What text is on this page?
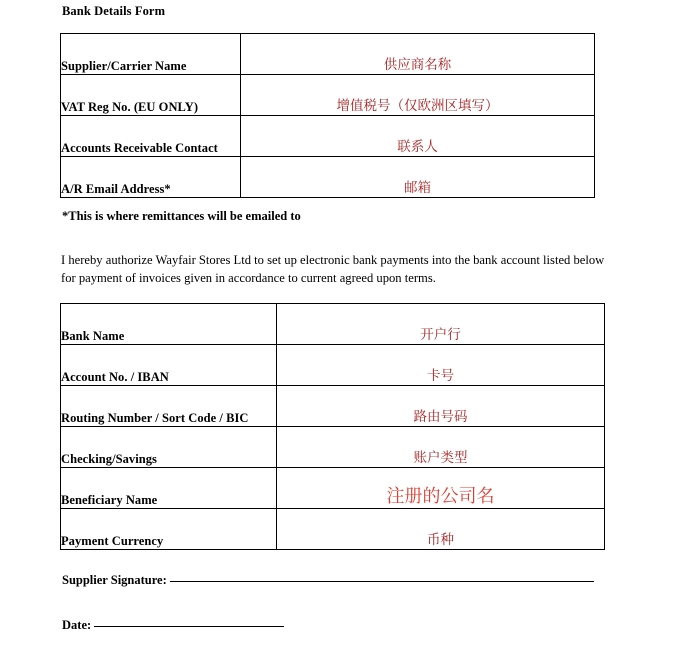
Bank Details Form
Supplier/Carrier Name	供应商名称
VAT Reg No. (EU ONLY)	增值税号（仅欧洲区填写）
Accounts Receivable Contact	联系人
A/R Email Address*	邮箱
*This is where remittances will be emailed to
I hereby authorize Wayfair Stores Ltd to set up electronic bank payments into the bank account listed below for payment of invoices given in accordance to current agreed upon terms.
Bank Name	开户行
Account No. / IBAN	卡号
Routing Number / Sort Code / BIC	路由号码
Checking/Savings	账户类型
Beneficiary Name	注册的公司名
Payment Currency	币种
Supplier Signature:
Date:
